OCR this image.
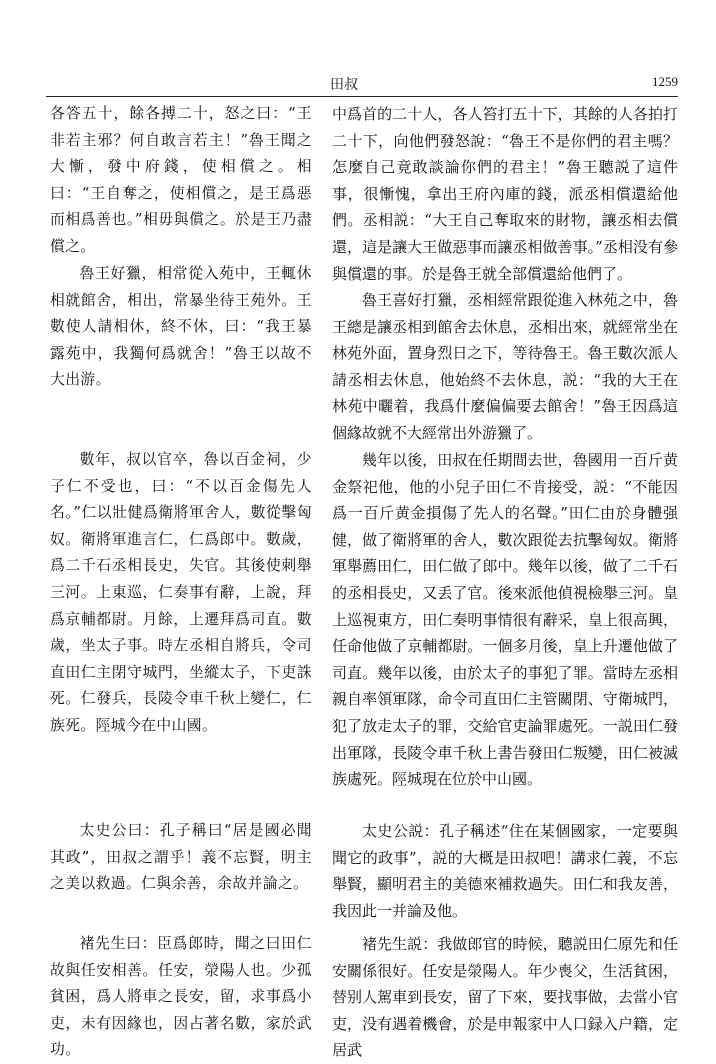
田叔	1259

各答五十，餘各搏二十，怒之曰：“王非若主邪？何自敢言若主！”魯王聞之大慚，發中府錢，使相償之。相曰：“王自奪之，使相償之，是王爲惡而相爲善也。”相毋與償之。於是王乃盡償之。

魯王好獵，相常從入苑中，王輒休相就館舍，相出，常暴坐待王苑外。王數使人請相休，終不休，曰：“我王暴露苑中，我獨何爲就舍！”魯王以故不大出游。

數年，叔以官卒，魯以百金祠，少子仁不受也，曰：“不以百金傷先人名。”仁以壯健爲衛將軍舍人，數從擊匈奴。衛將軍進言仁，仁爲郎中。數歲，爲二千石丞相長史，失官。其後使刺舉三河。上東巡，仁奏事有辭，上說，拜爲京輔都尉。月餘，上遷拜爲司直。數歲，坐太子事。時左丞相自將兵，令司直田仁主閉守城門，坐縱太子，下吏誅死。仁發兵，長陵令車千秋上變仁，仁族死。陘城今在中山國。

太史公曰：孔子稱曰“居是國必聞其政”，田叔之謂乎！義不忘賢，明主之美以救過。仁與余善，余故并論之。

褚先生曰：臣爲郎時，聞之曰田仁故與任安相善。任安，滎陽人也。少孤貧困，爲人將車之長安，留，求事爲小吏，未有因緣也，因占著名數，家於武功。

中爲首的二十人，各人笞打五十下，其餘的人各拍打二十下，向他們發怒說：“魯王不是你們的君主嗎？怎麼自己竟敢談論你們的君主！”魯王聽説了這件事，很慚愧，拿出王府內庫的錢，派丞相償還給他們。丞相説：“大王自己奪取來的財物，讓丞相去償還，這是讓大王做惡事而讓丞相做善事。”丞相没有參與償還的事。於是魯王就全部償還給他們了。

魯王喜好打獵，丞相經常跟從進入林苑之中，魯王總是讓丞相到館舍去休息，丞相出來，就經常坐在林苑外面，置身烈日之下，等待魯王。魯王數次派人請丞相去休息，他始終不去休息，説：“我的大王在林苑中曬着，我爲什麼偏偏要去館舍！”魯王因爲這個緣故就不大經常出外游獵了。

幾年以後，田叔在任期間去世，魯國用一百斤黄金祭祀他，他的小兒子田仁不肯接受，説：“不能因爲一百斤黄金損傷了先人的名聲。”田仁由於身體强健，做了衛將軍的舍人，數次跟從去抗擊匈奴。衛將軍舉薦田仁，田仁做了郎中。幾年以後，做了二千石的丞相長史，又丢了官。後來派他偵視檢舉三河。皇上巡視東方，田仁奏明事情很有辭采，皇上很高興，任命他做了京輔都尉。一個多月後，皇上升遷他做了司直。幾年以後，由於太子的事犯了罪。當時左丞相親自率領軍隊，命令司直田仁主管關閉、守衛城門，犯了放走太子的罪，交給官吏論罪處死。一説田仁發出軍隊，長陵令車千秋上書告發田仁叛變，田仁被滅族處死。陘城現在位於中山國。

太史公説：孔子稱述“住在某個國家，一定要與聞它的政事”，説的大概是田叔吧！講求仁義，不忘舉賢，顯明君主的美德來補救過失。田仁和我友善，我因此一并論及他。

褚先生説：我做郎官的時候，聽説田仁原先和任安關係很好。任安是滎陽人。年少喪父，生活貧困，替别人駕車到長安，留了下來，要找事做，去當小官吏，没有遇着機會，於是申報家中人口録入户籍，定居武
